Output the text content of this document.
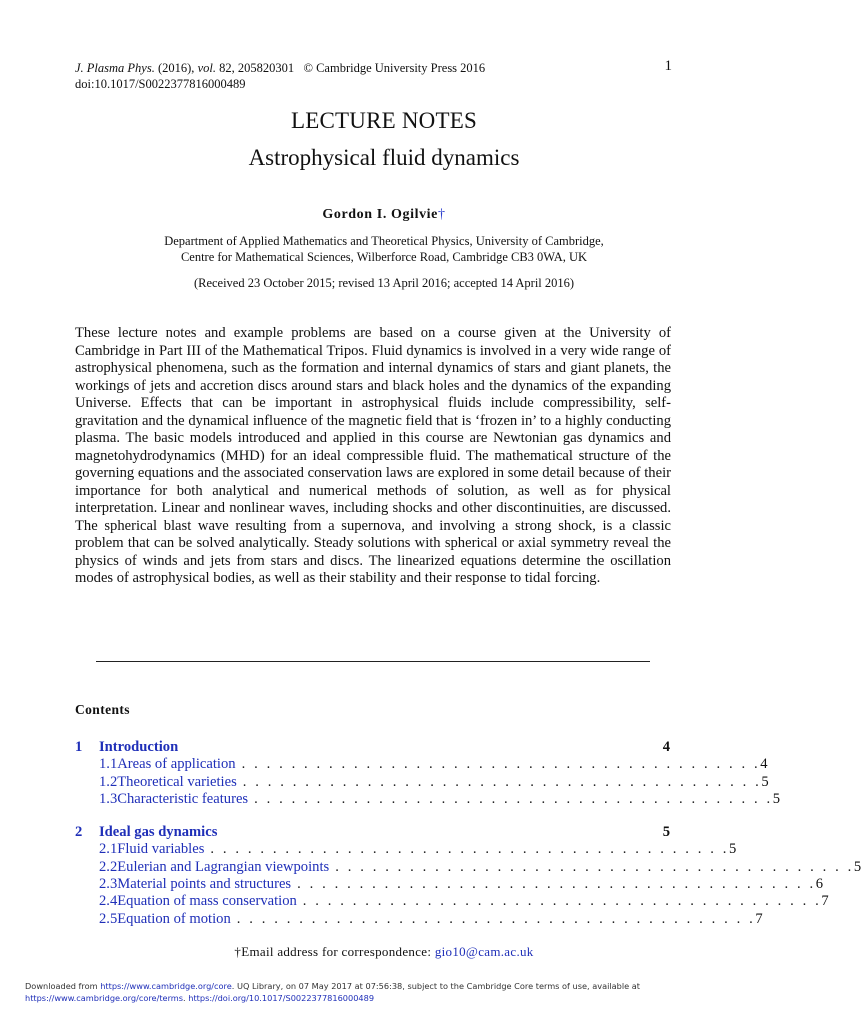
J. Plasma Phys. (2016), vol. 82, 205820301 © Cambridge University Press 2016
doi:10.1017/S0022377816000489
1
LECTURE NOTES
Astrophysical fluid dynamics
Gordon I. Ogilvie†
Department of Applied Mathematics and Theoretical Physics, University of Cambridge,
Centre for Mathematical Sciences, Wilberforce Road, Cambridge CB3 0WA, UK
(Received 23 October 2015; revised 13 April 2016; accepted 14 April 2016)

These lecture notes and example problems are based on a course given at the University of Cambridge in Part III of the Mathematical Tripos. Fluid dynamics is involved in a very wide range of astrophysical phenomena, such as the formation and internal dynamics of stars and giant planets, the workings of jets and accretion discs around stars and black holes and the dynamics of the expanding Universe. Effects that can be important in astrophysical fluids include compressibility, self-gravitation and the dynamical influence of the magnetic field that is ‘frozen in’ to a highly conducting plasma. The basic models introduced and applied in this course are Newtonian gas dynamics and magnetohydrodynamics (MHD) for an ideal compressible fluid. The mathematical structure of the governing equations and the associated conservation laws are explored in some detail because of their importance for both analytical and numerical methods of solution, as well as for physical interpretation. Linear and nonlinear waves, including shocks and other discontinuities, are discussed. The spherical blast wave resulting from a supernova, and involving a strong shock, is a classic problem that can be solved analytically. Steady solutions with spherical or axial symmetry reveal the physics of winds and jets from stars and discs. The linearized equations determine the oscillation modes of astrophysical bodies, as well as their stability and their response to tidal forcing.

Contents
1	Introduction	4
1.1 Areas of application . . . . . . . . . . . . . . . . . . . . . . . . . . . . . . . . . . . . . . . . . . 4
1.2 Theoretical varieties . . . . . . . . . . . . . . . . . . . . . . . . . . . . . . . . . . . . . . . . . . 5
1.3 Characteristic features . . . . . . . . . . . . . . . . . . . . . . . . . . . . . . . . . . . . . . . . . . 5
2	Ideal gas dynamics	5
2.1 Fluid variables . . . . . . . . . . . . . . . . . . . . . . . . . . . . . . . . . . . . . . . . . . 5
2.2 Eulerian and Lagrangian viewpoints . . . . . . . . . . . . . . . . . . . . . . . . . . . . . . . . . . . . . . . . . . 5
2.3 Material points and structures . . . . . . . . . . . . . . . . . . . . . . . . . . . . . . . . . . . . . . . . . . 6
2.4 Equation of mass conservation . . . . . . . . . . . . . . . . . . . . . . . . . . . . . . . . . . . . . . . . . . 7
2.5 Equation of motion . . . . . . . . . . . . . . . . . . . . . . . . . . . . . . . . . . . . . . . . . . 7
†Email address for correspondence: gio10@cam.ac.uk
Downloaded from https://www.cambridge.org/core. UQ Library, on 07 May 2017 at 07:56:38, subject to the Cambridge Core terms of use, available at
https://www.cambridge.org/core/terms. https://doi.org/10.1017/S0022377816000489
